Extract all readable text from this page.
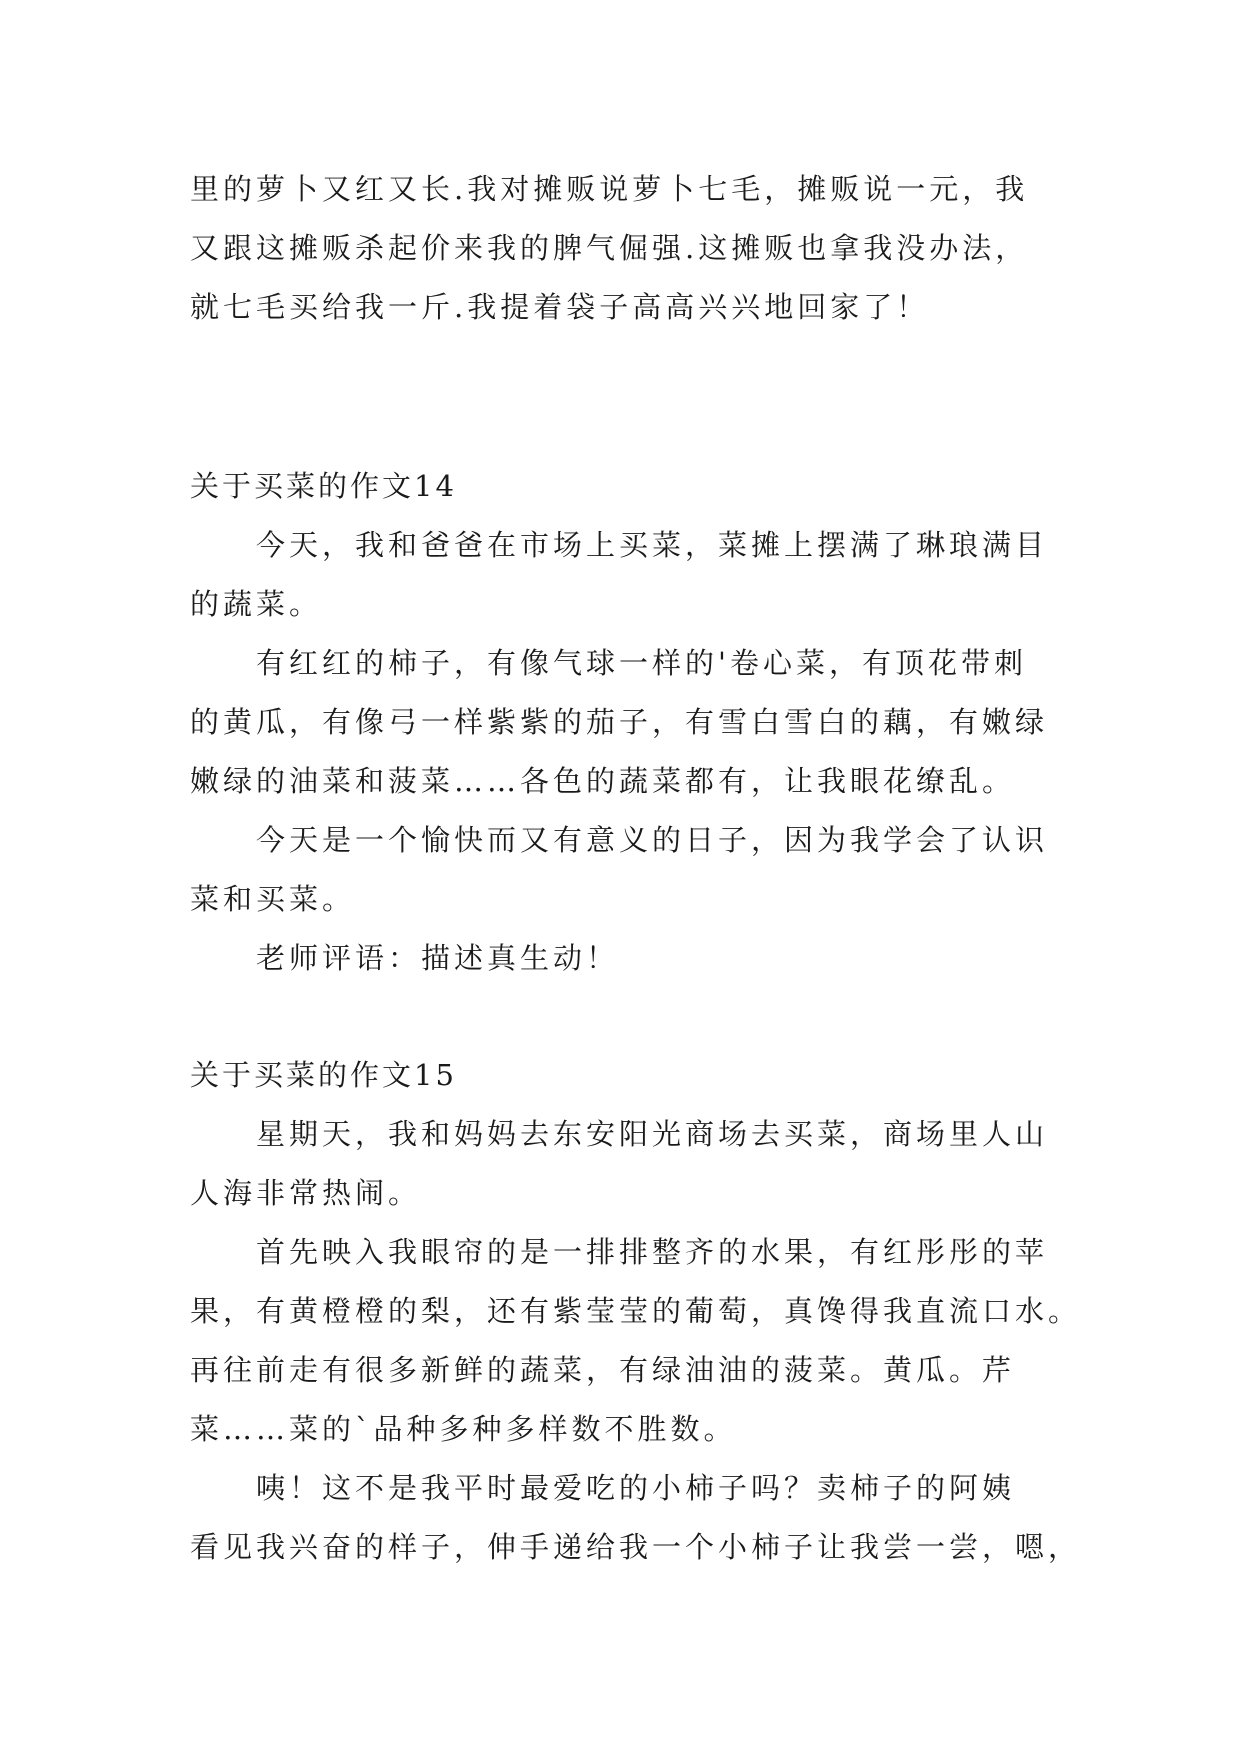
里的萝卜又红又长.我对摊贩说萝卜七毛，摊贩说一元，我
又跟这摊贩杀起价来我的脾气倔强.这摊贩也拿我没办法，
就七毛买给我一斤.我提着袋子高高兴兴地回家了！
关于买菜的作文14
今天，我和爸爸在市场上买菜，菜摊上摆满了琳琅满目
的蔬菜。
有红红的柿子，有像气球一样的'卷心菜，有顶花带刺
的黄瓜，有像弓一样紫紫的茄子，有雪白雪白的藕，有嫩绿
嫩绿的油菜和菠菜……各色的蔬菜都有，让我眼花缭乱。
今天是一个愉快而又有意义的日子，因为我学会了认识
菜和买菜。
老师评语：描述真生动！
关于买菜的作文15
星期天，我和妈妈去东安阳光商场去买菜，商场里人山
人海非常热闹。
首先映入我眼帘的是一排排整齐的水果，有红彤彤的苹
果，有黄橙橙的梨，还有紫莹莹的葡萄，真馋得我直流口水。
再往前走有很多新鲜的蔬菜，有绿油油的菠菜。黄瓜。芹
菜……菜的`品种多种多样数不胜数。
咦！这不是我平时最爱吃的小柿子吗？卖柿子的阿姨
看见我兴奋的样子，伸手递给我一个小柿子让我尝一尝，嗯，
